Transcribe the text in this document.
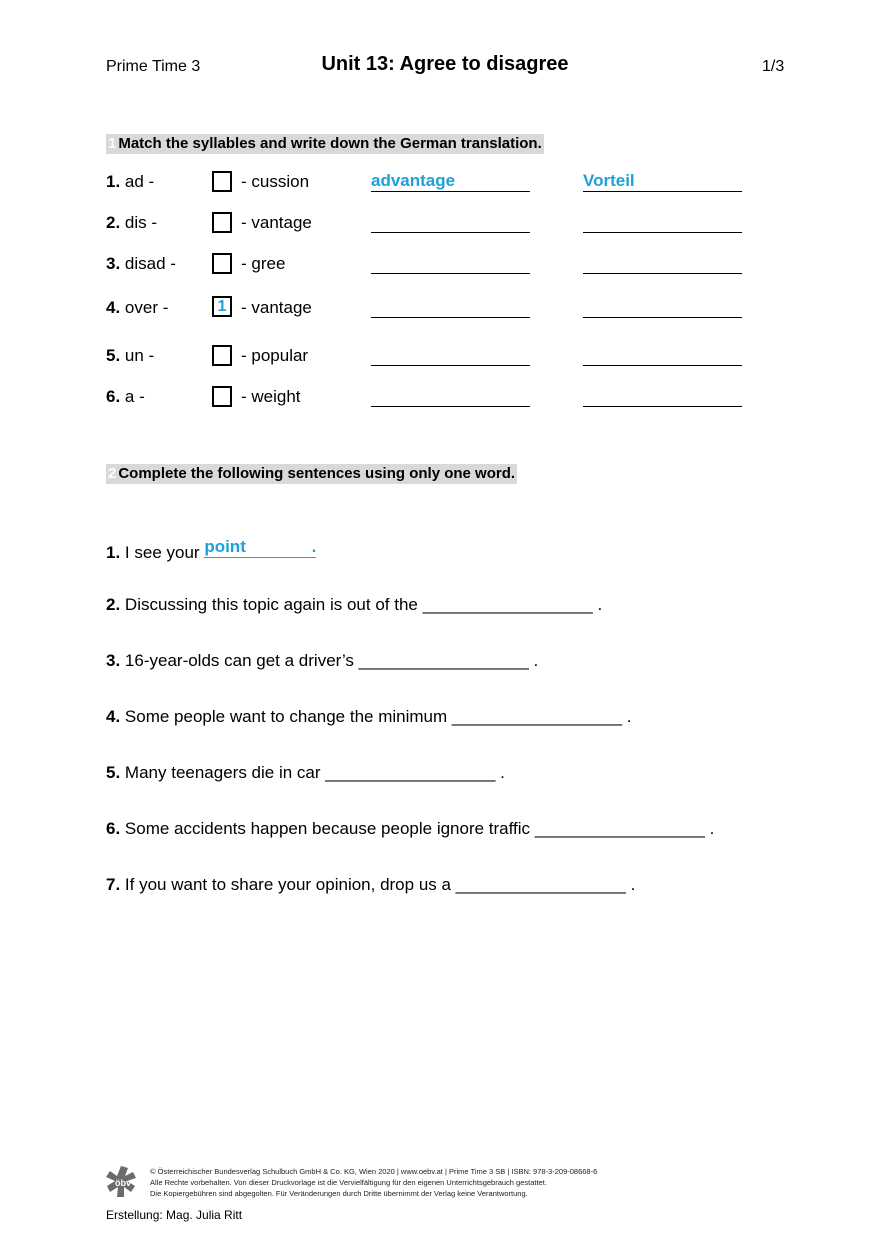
Prime Time 3	Unit 13: Agree to disagree	1/3
1 Match the syllables and write down the German translation.
1. ad -	- cussion	advantage	Vorteil
2. dis -	- vantage
3. disad -	- gree
4. over -	1 - vantage
5. un -	- popular
6. a -	- weight
2 Complete the following sentences using only one word.
1. I see your point	.
2. Discussing this topic again is out of the __________________ .
3. 16-year-olds can get a driver’s __________________ .
4. Some people want to change the minimum __________________ .
5. Many teenagers die in car __________________ .
6. Some accidents happen because people ignore traffic __________________ .
7. If you want to share your opinion, drop us a __________________ .
öbv
© Österreichischer Bundesverlag Schulbuch GmbH & Co. KG, Wien 2020 | www.oebv.at | Prime Time 3 SB | ISBN: 978-3-209-08668-6
Alle Rechte vorbehalten. Von dieser Druckvorlage ist die Vervielfältigung für den eigenen Unterrichtsgebrauch gestattet.
Die Kopiergebühren sind abgegolten. Für Veränderungen durch Dritte übernimmt der Verlag keine Verantwortung.
Erstellung: Mag. Julia Ritt
